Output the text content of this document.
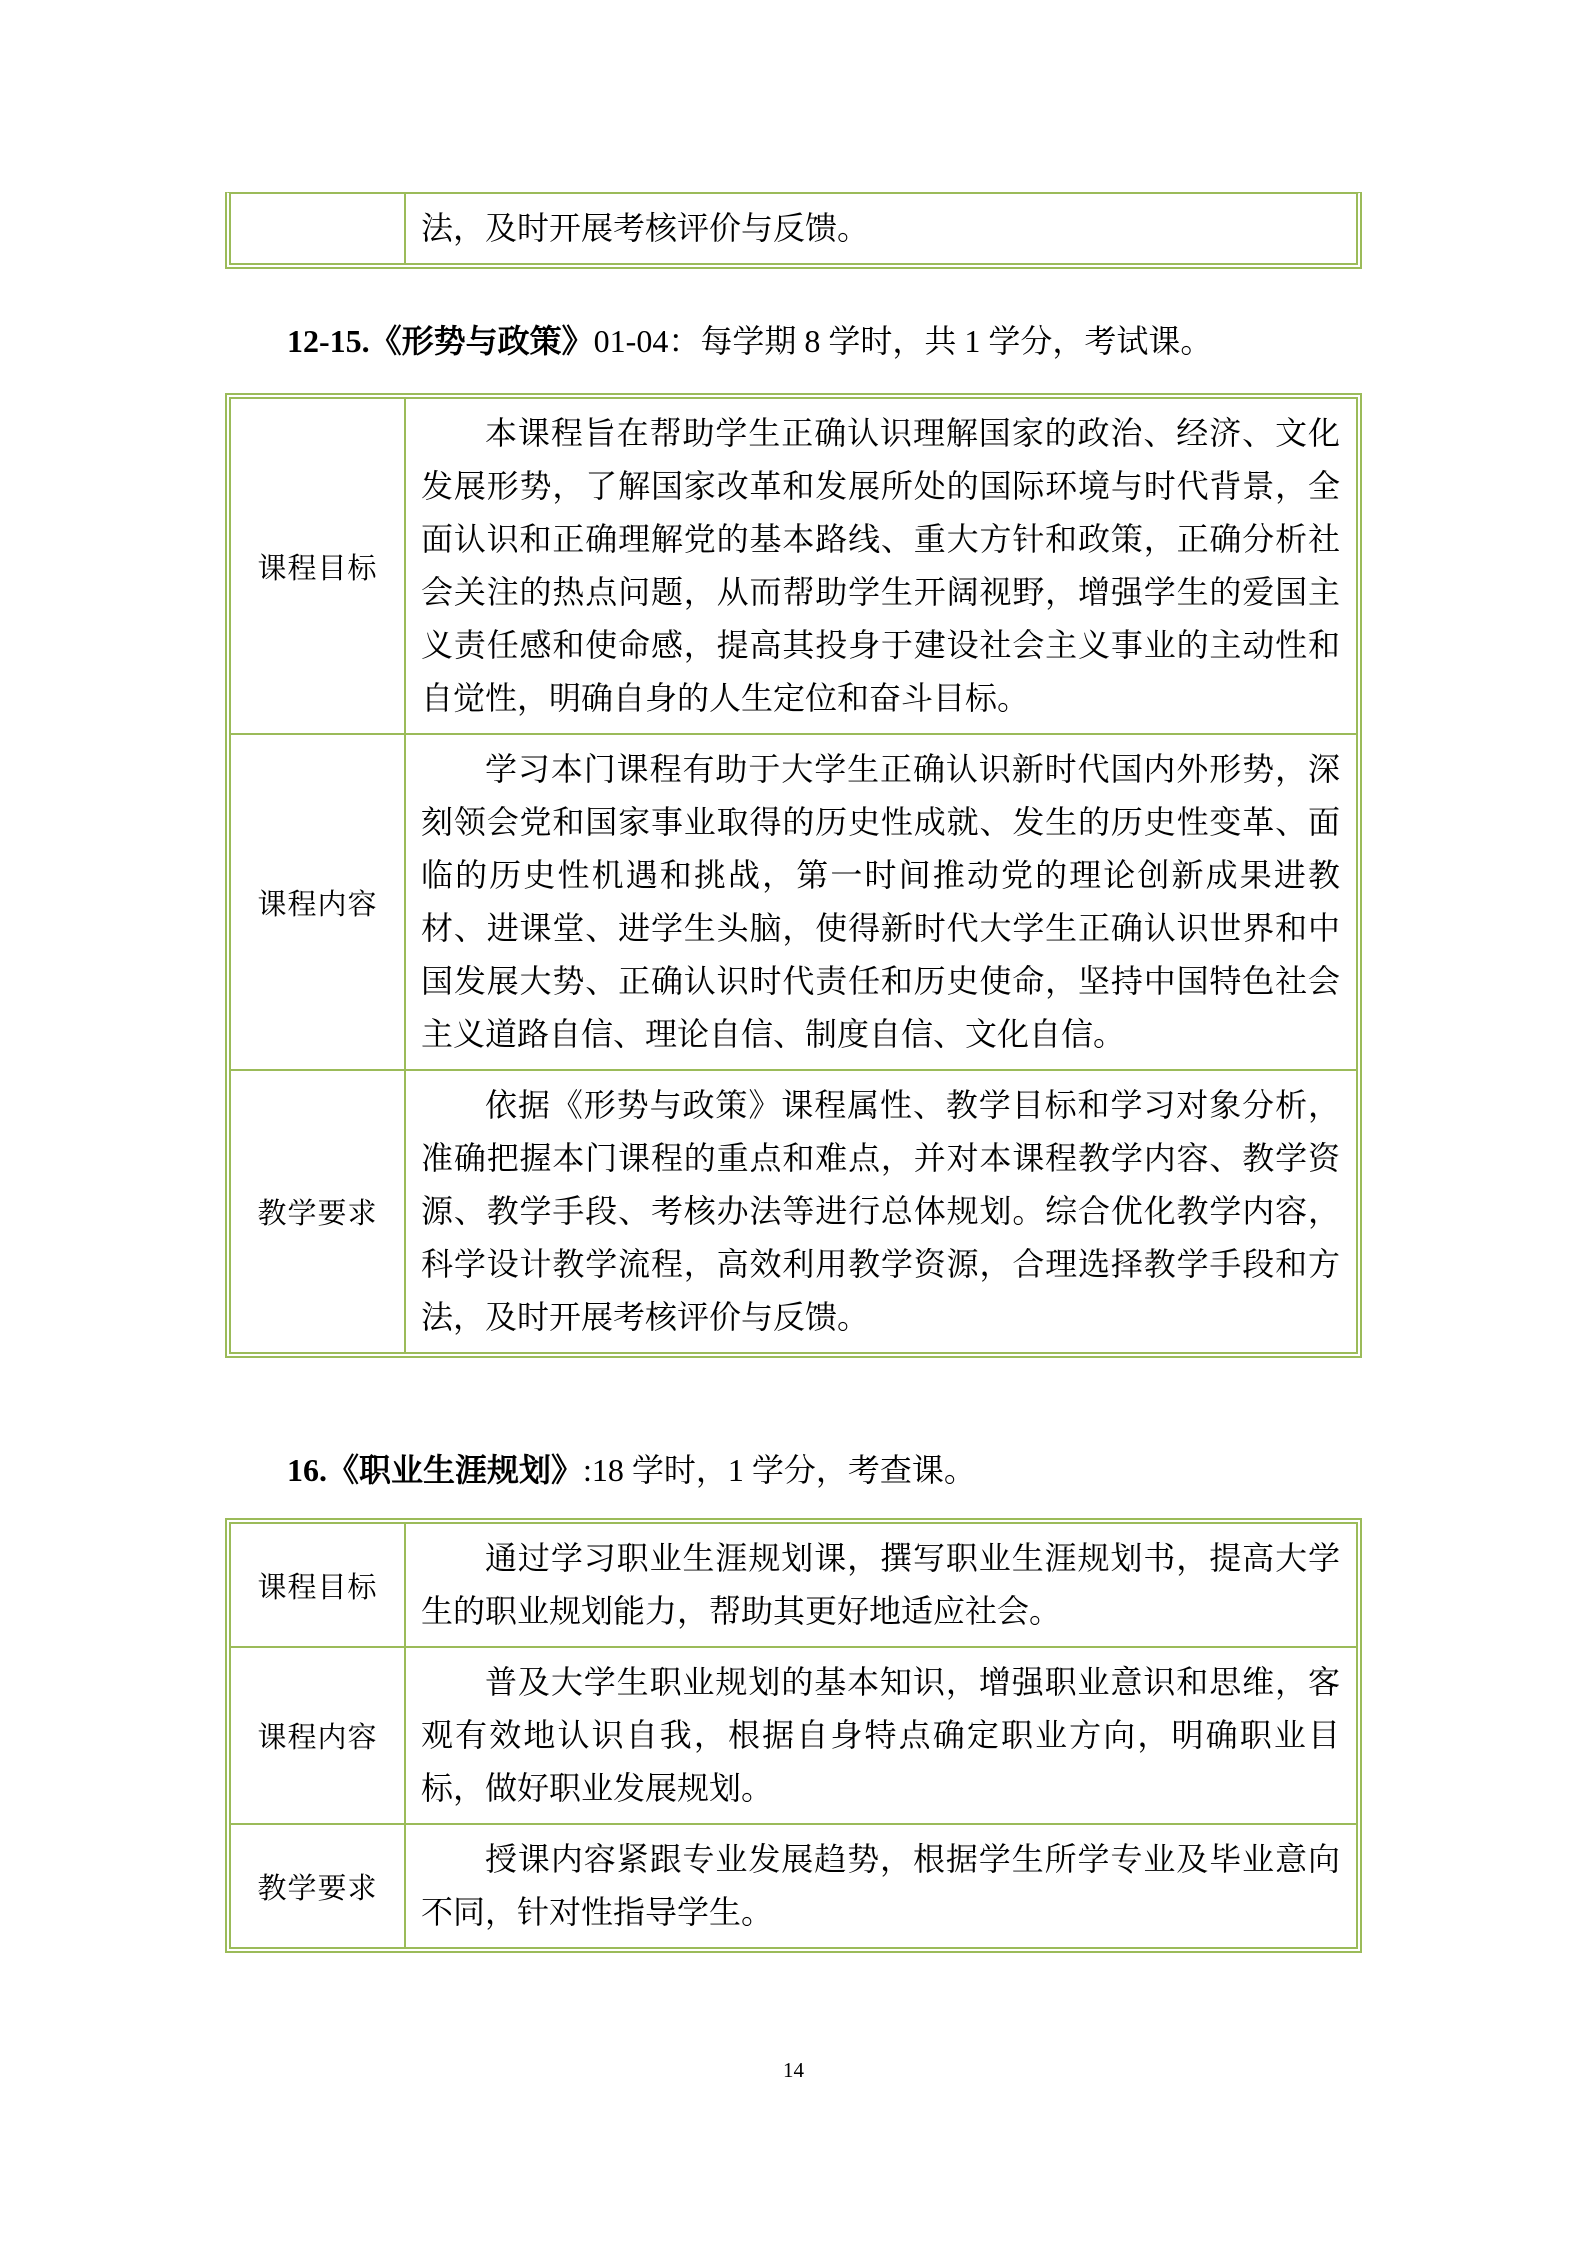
法，及时开展考核评价与反馈。

12-15.《形势与政策》01-04：每学期 8 学时，共 1 学分，考试课。

课程目标	本课程旨在帮助学生正确认识理解国家的政治、经济、文化发展形势，了解国家改革和发展所处的国际环境与时代背景，全面认识和正确理解党的基本路线、重大方针和政策，正确分析社会关注的热点问题，从而帮助学生开阔视野，增强学生的爱国主义责任感和使命感，提高其投身于建设社会主义事业的主动性和自觉性，明确自身的人生定位和奋斗目标。

课程内容	学习本门课程有助于大学生正确认识新时代国内外形势，深刻领会党和国家事业取得的历史性成就、发生的历史性变革、面临的历史性机遇和挑战，第一时间推动党的理论创新成果进教材、进课堂、进学生头脑，使得新时代大学生正确认识世界和中国发展大势、正确认识时代责任和历史使命，坚持中国特色社会主义道路自信、理论自信、制度自信、文化自信。

教学要求	依据《形势与政策》课程属性、教学目标和学习对象分析，准确把握本门课程的重点和难点，并对本课程教学内容、教学资源、教学手段、考核办法等进行总体规划。综合优化教学内容，科学设计教学流程，高效利用教学资源，合理选择教学手段和方法，及时开展考核评价与反馈。

16.《职业生涯规划》:18 学时，1 学分，考查课。

课程目标	通过学习职业生涯规划课，撰写职业生涯规划书，提高大学生的职业规划能力，帮助其更好地适应社会。

课程内容	普及大学生职业规划的基本知识，增强职业意识和思维，客观有效地认识自我，根据自身特点确定职业方向，明确职业目标，做好职业发展规划。

教学要求	授课内容紧跟专业发展趋势，根据学生所学专业及毕业意向不同，针对性指导学生。

14
